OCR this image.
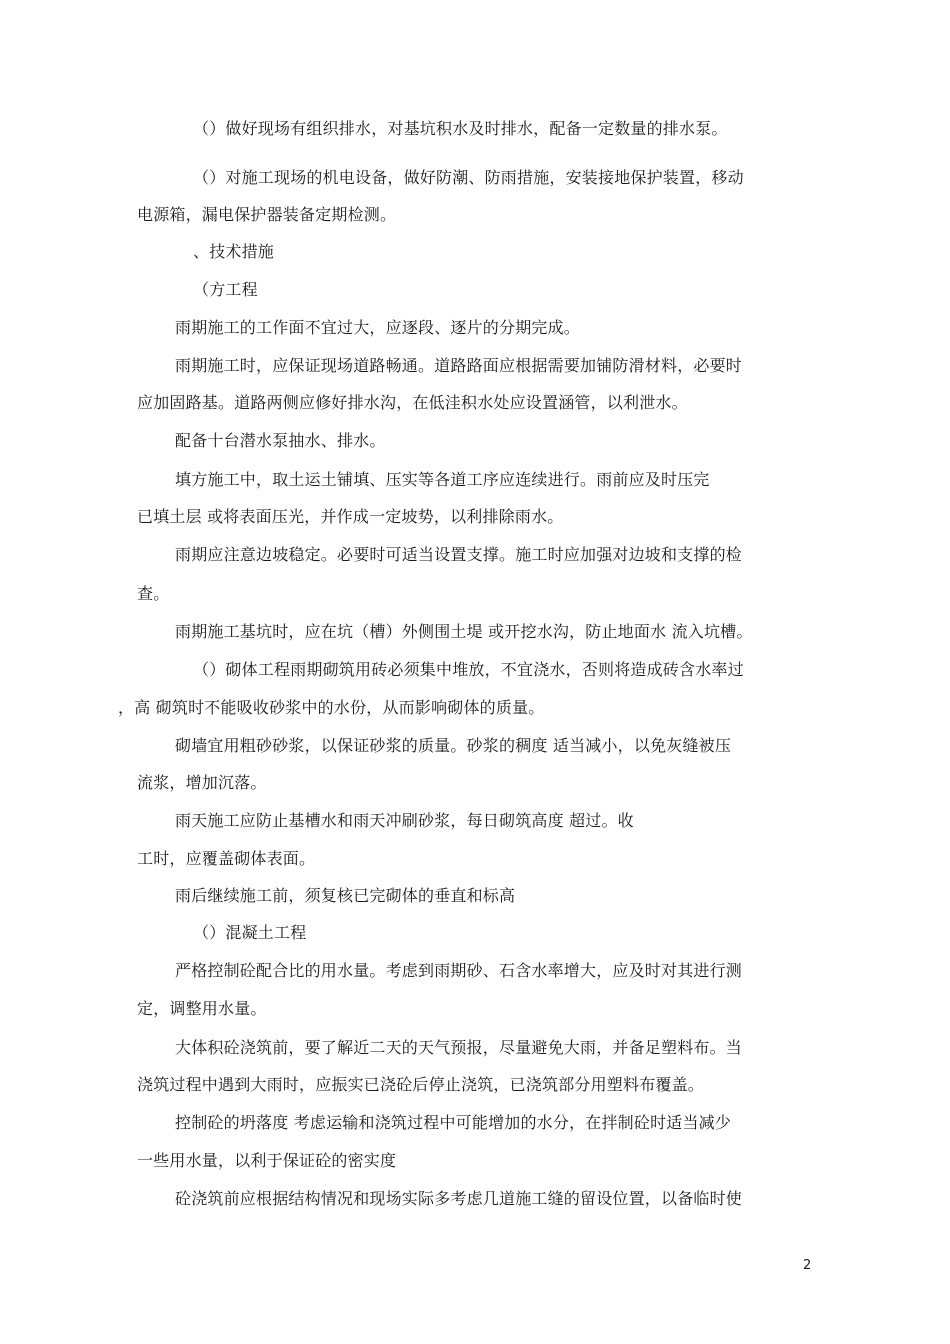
（）做好现场有组织排水，对基坑积水及时排水，配备一定数量的排水泵。
（）对施工现场的机电设备，做好防潮、防雨措施，安装接地保护装置，移动
电源箱，漏电保护器装备定期检测。
、技术措施
（方工程
雨期施工的工作面不宜过大，应逐段、逐片的分期完成。
雨期施工时，应保证现场道路畅通。道路路面应根据需要加铺防滑材料，必要时
应加固路基。道路两侧应修好排水沟，在低洼积水处应设置涵管，以利泄水。
配备十台潜水泵抽水、排水。
填方施工中，取土运土铺填、压实等各道工序应连续进行。雨前应及时压完
已填土层 或将表面压光，并作成一定坡势，以利排除雨水。
雨期应注意边坡稳定。必要时可适当设置支撑。施工时应加强对边坡和支撑的检
查。
雨期施工基坑时，应在坑（槽）外侧围土堤 或开挖水沟，防止地面水 流入坑槽。
（）砌体工程雨期砌筑用砖必须集中堆放，不宜浇水，否则将造成砖含水率过
，高 砌筑时不能吸收砂浆中的水份，从而影响砌体的质量。
砌墙宜用粗砂砂浆，以保证砂浆的质量。砂浆的稠度 适当减小，以免灰缝被压
流浆，增加沉落。
雨天施工应防止基槽水和雨天冲刷砂浆，每日砌筑高度 超过。收
工时，应覆盖砌体表面。
雨后继续施工前，须复核已完砌体的垂直和标高
（）混凝土工程
严格控制砼配合比的用水量。考虑到雨期砂、石含水率增大，应及时对其进行测
定，调整用水量。
大体积砼浇筑前，要了解近二天的天气预报，尽量避免大雨，并备足塑料布。当
浇筑过程中遇到大雨时，应振实已浇砼后停止浇筑，已浇筑部分用塑料布覆盖。
控制砼的坍落度 考虑运输和浇筑过程中可能增加的水分，在拌制砼时适当减少
一些用水量，以利于保证砼的密实度
砼浇筑前应根据结构情况和现场实际多考虑几道施工缝的留设位置，以备临时使
2
